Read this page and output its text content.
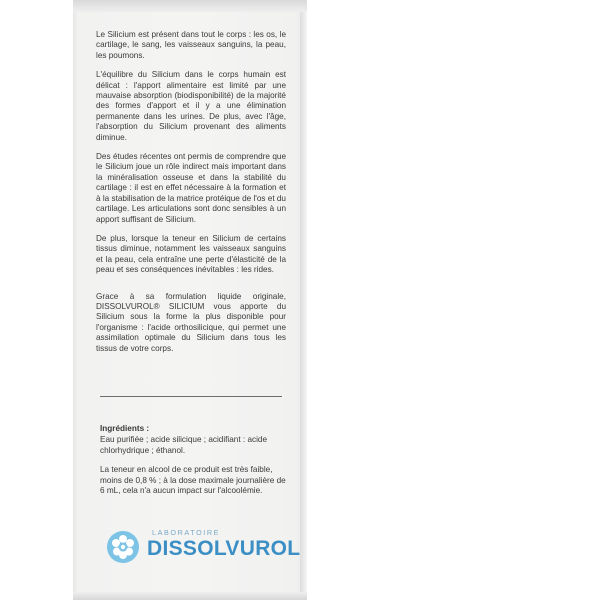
Le Silicium est présent dans tout le corps : les os, le cartilage, le sang, les vaisseaux sanguins, la peau, les poumons.

L'équilibre du Silicium dans le corps humain est délicat : l'apport alimentaire est limité par une mauvaise absorption (biodisponibilité) de la majorité des formes d'apport et il y a une élimination permanente dans les urines. De plus, avec l'âge, l'absorption du Silicium provenant des aliments diminue.

Des études récentes ont permis de comprendre que le Silicium joue un rôle indirect mais important dans la minéralisation osseuse et dans la stabilité du cartilage : il est en effet nécessaire à la formation et à la stabilisation de la matrice protéique de l'os et du cartilage. Les articulations sont donc sensibles à un apport suffisant de Silicium.

De plus, lorsque la teneur en Silicium de certains tissus diminue, notamment les vaisseaux sanguins et la peau, cela entraîne une perte d'élasticité de la peau et ses conséquences inévitables : les rides.

Grace à sa formulation liquide originale, DISSOLVUROL® SILICIUM vous apporte du Silicium sous la forme la plus disponible pour l'organisme : l'acide orthosilicique, qui permet une assimilation optimale du Silicium dans tous les tissus de votre corps.

Ingrédients :

Eau purifiée ; acide silicique ; acidifiant : acide chlorhydrique ; éthanol.

La teneur en alcool de ce produit est très faible, moins de 0,8 % ; à la dose maximale journalière de 6 mL, cela n'a aucun impact sur l'alcoolémie.

LABORATOIRE
DISSOLVUROL
